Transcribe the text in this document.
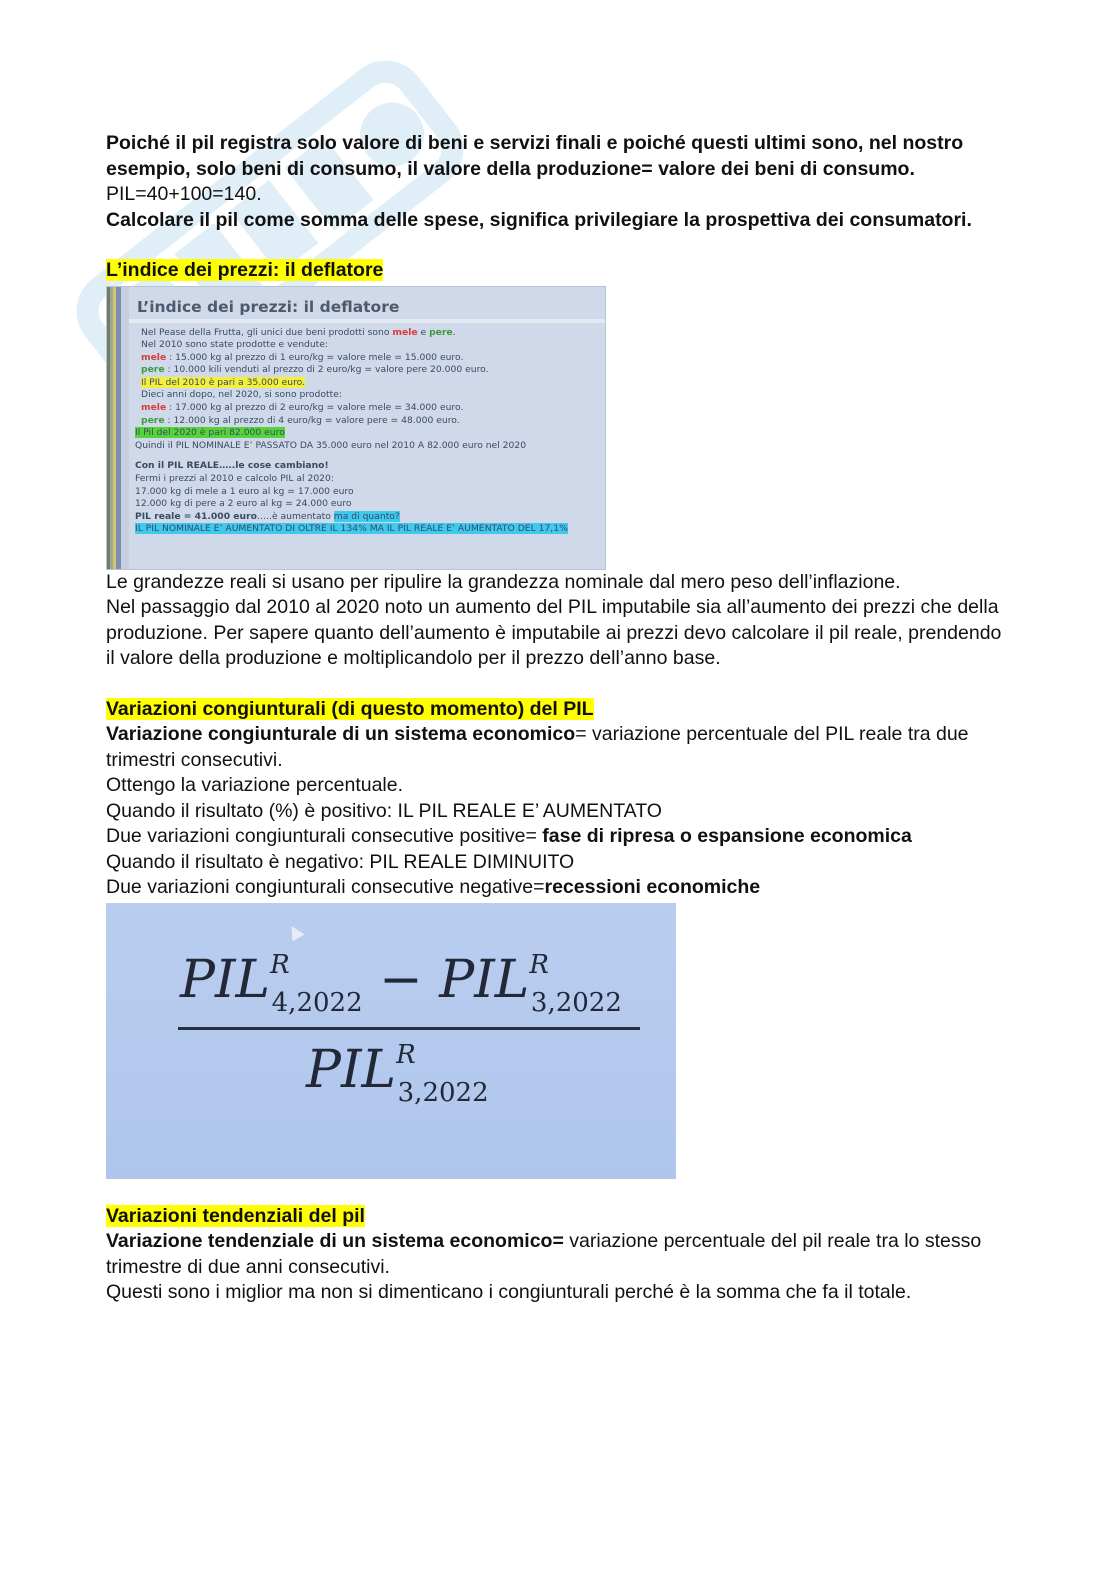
Poiché il pil registra solo valore di beni e servizi finali e poiché questi ultimi sono, nel nostro esempio, solo beni di consumo, il valore della produzione= valore dei beni di consumo.

PIL=40+100=140.

Calcolare il pil come somma delle spese, significa privilegiare la prospettiva dei consumatori.

L’indice dei prezzi: il deflatore

L’indice dei prezzi: il deflatore
Nel Pease della Frutta, gli unici due beni prodotti sono mele e pere.
Nel 2010 sono state prodotte e vendute:
mele : 15.000 kg al prezzo di 1 euro/kg = valore mele = 15.000 euro.
pere : 10.000 kili venduti al prezzo di 2 euro/kg = valore pere 20.000 euro.
Il PIL del 2010 è pari a 35.000 euro.
Dieci anni dopo, nel 2020, si sono prodotte:
mele : 17.000 kg al prezzo di 2 euro/kg = valore mele = 34.000 euro.
pere : 12.000 kg al prezzo di 4 euro/kg = valore pere = 48.000 euro.
Il Pil del 2020 è pari 82.000 euro
Quindi il PIL NOMINALE E’ PASSATO DA 35.000 euro nel 2010 A 82.000 euro nel 2020
Con il PIL REALE…..le cose cambiano!
Fermi i prezzi al 2010 e calcolo PIL al 2020:
17.000 kg di mele a 1 euro al kg = 17.000 euro
12.000 kg di pere a 2 euro al kg = 24.000 euro
PIL reale = 41.000 euro…..è aumentato ma di quanto?
IL PIL NOMINALE E’ AUMENTATO DI OLTRE IL 134% MA IL PIL REALE E’ AUMENTATO DEL 17,1%

Le grandezze reali si usano per ripulire la grandezza nominale dal mero peso dell’inflazione.

Nel passaggio dal 2010 al 2020 noto un aumento del PIL imputabile sia all’aumento dei prezzi che della produzione. Per sapere quanto dell’aumento è imputabile ai prezzi devo calcolare il pil reale, prendendo il valore della produzione e moltiplicandolo per il prezzo dell’anno base.

Variazioni congiunturali (di questo momento) del PIL

Variazione congiunturale di un sistema economico= variazione percentuale del PIL reale tra due trimestri consecutivi.

Ottengo la variazione percentuale.

Quando il risultato (%) è positivo: IL PIL REALE E’ AUMENTATO

Due variazioni congiunturali consecutive positive= fase di ripresa o espansione economica

Quando il risultato è negativo: PIL REALE DIMINUITO

Due variazioni congiunturali consecutive negative=recessioni economiche

$PIL^R_{4,2022} - PIL^R_{3,2022}$
$PIL^R_{3,2022}$

Variazioni tendenziali del pil

Variazione tendenziale di un sistema economico= variazione percentuale del pil reale tra lo stesso trimestre di due anni consecutivi.

Questi sono i miglior ma non si dimenticano i congiunturali perché è la somma che fa il totale.
